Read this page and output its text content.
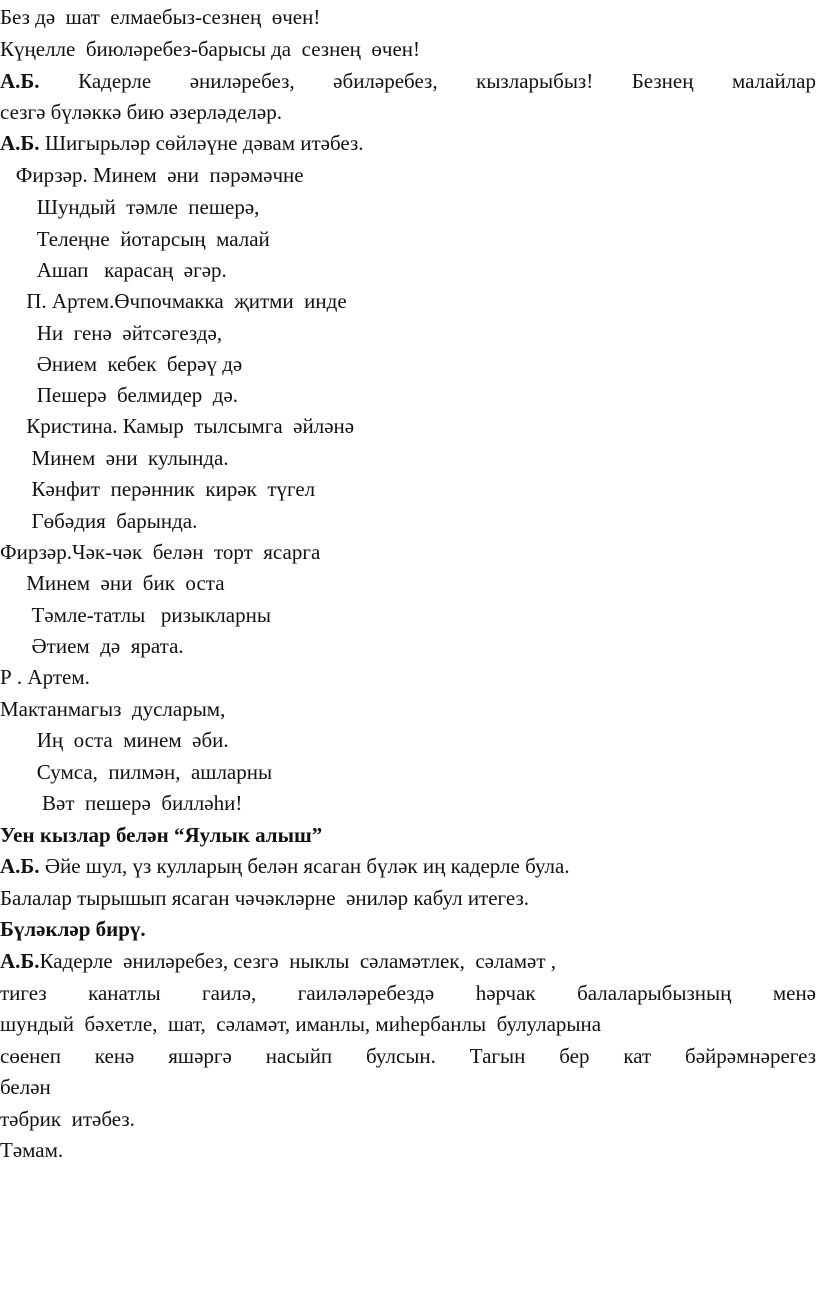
Без дә  шат  елмаебыз-сезнең  өчен!
Күңелле  биюләребез-барысы да  сезнең  өчен!
А.Б. Кадерле әниләребез, әбиләребез, кызларыбыз! Безнең малайлар
сезгә бүләккә бию әзерләделәр.
А.Б. Шигырьләр сөйләүне дәвам итәбез.
Фирзәр. Минем  әни  пәрәмәчне
Шундый  тәмле  пешерә,
Телеңне  йотарсың  малай
Ашап   карасаң  әгәр.
П. Артем.Өчпочмакка  җитми  инде
Ни  генә  әйтсәгездә,
Әнием  кебек  берәү дә
Пешерә  белмидер  дә.
Кристина. Камыр  тылсымга  әйләнә
Минем  әни  кулында.
Кәнфит  перәнник  кирәк  түгел
Гөбәдия  барында.
Фирзәр.Чәк-чәк  белән  торт  ясарга
Минем  әни  бик  оста
Тәмле-татлы   ризыкларны
Әтием  дә  ярата.
Р . Артем.
Мактанмагыз  дусларым,
Иң  оста  минем  әби.
Сумса,  пилмән,  ашларны
Вәт  пешерә  билләһи!
Уен кызлар белән “Яулык алыш”
А.Б. Әйе шул, үз кулларың белән ясаган бүләк иң кадерле була.
Балалар тырышып ясаган чәчәкләрне  әниләр кабул итегез.
Бүләкләр бирү.
А.Б.Кадерле  әниләребез, сезгә  ныклы  сәламәтлек,  сәламәт ,
тигез канатлы гаилә, гаиләләребездә һәрчак балаларыбызның менә
шундый  бәхетле,  шат,  сәламәт, иманлы, миһербанлы  булуларына
сөенеп кенә яшәргә насыйп булсын. Тагын бер кат бәйрәмнәрегез
белән
тәбрик  итәбез.
Тәмам.
